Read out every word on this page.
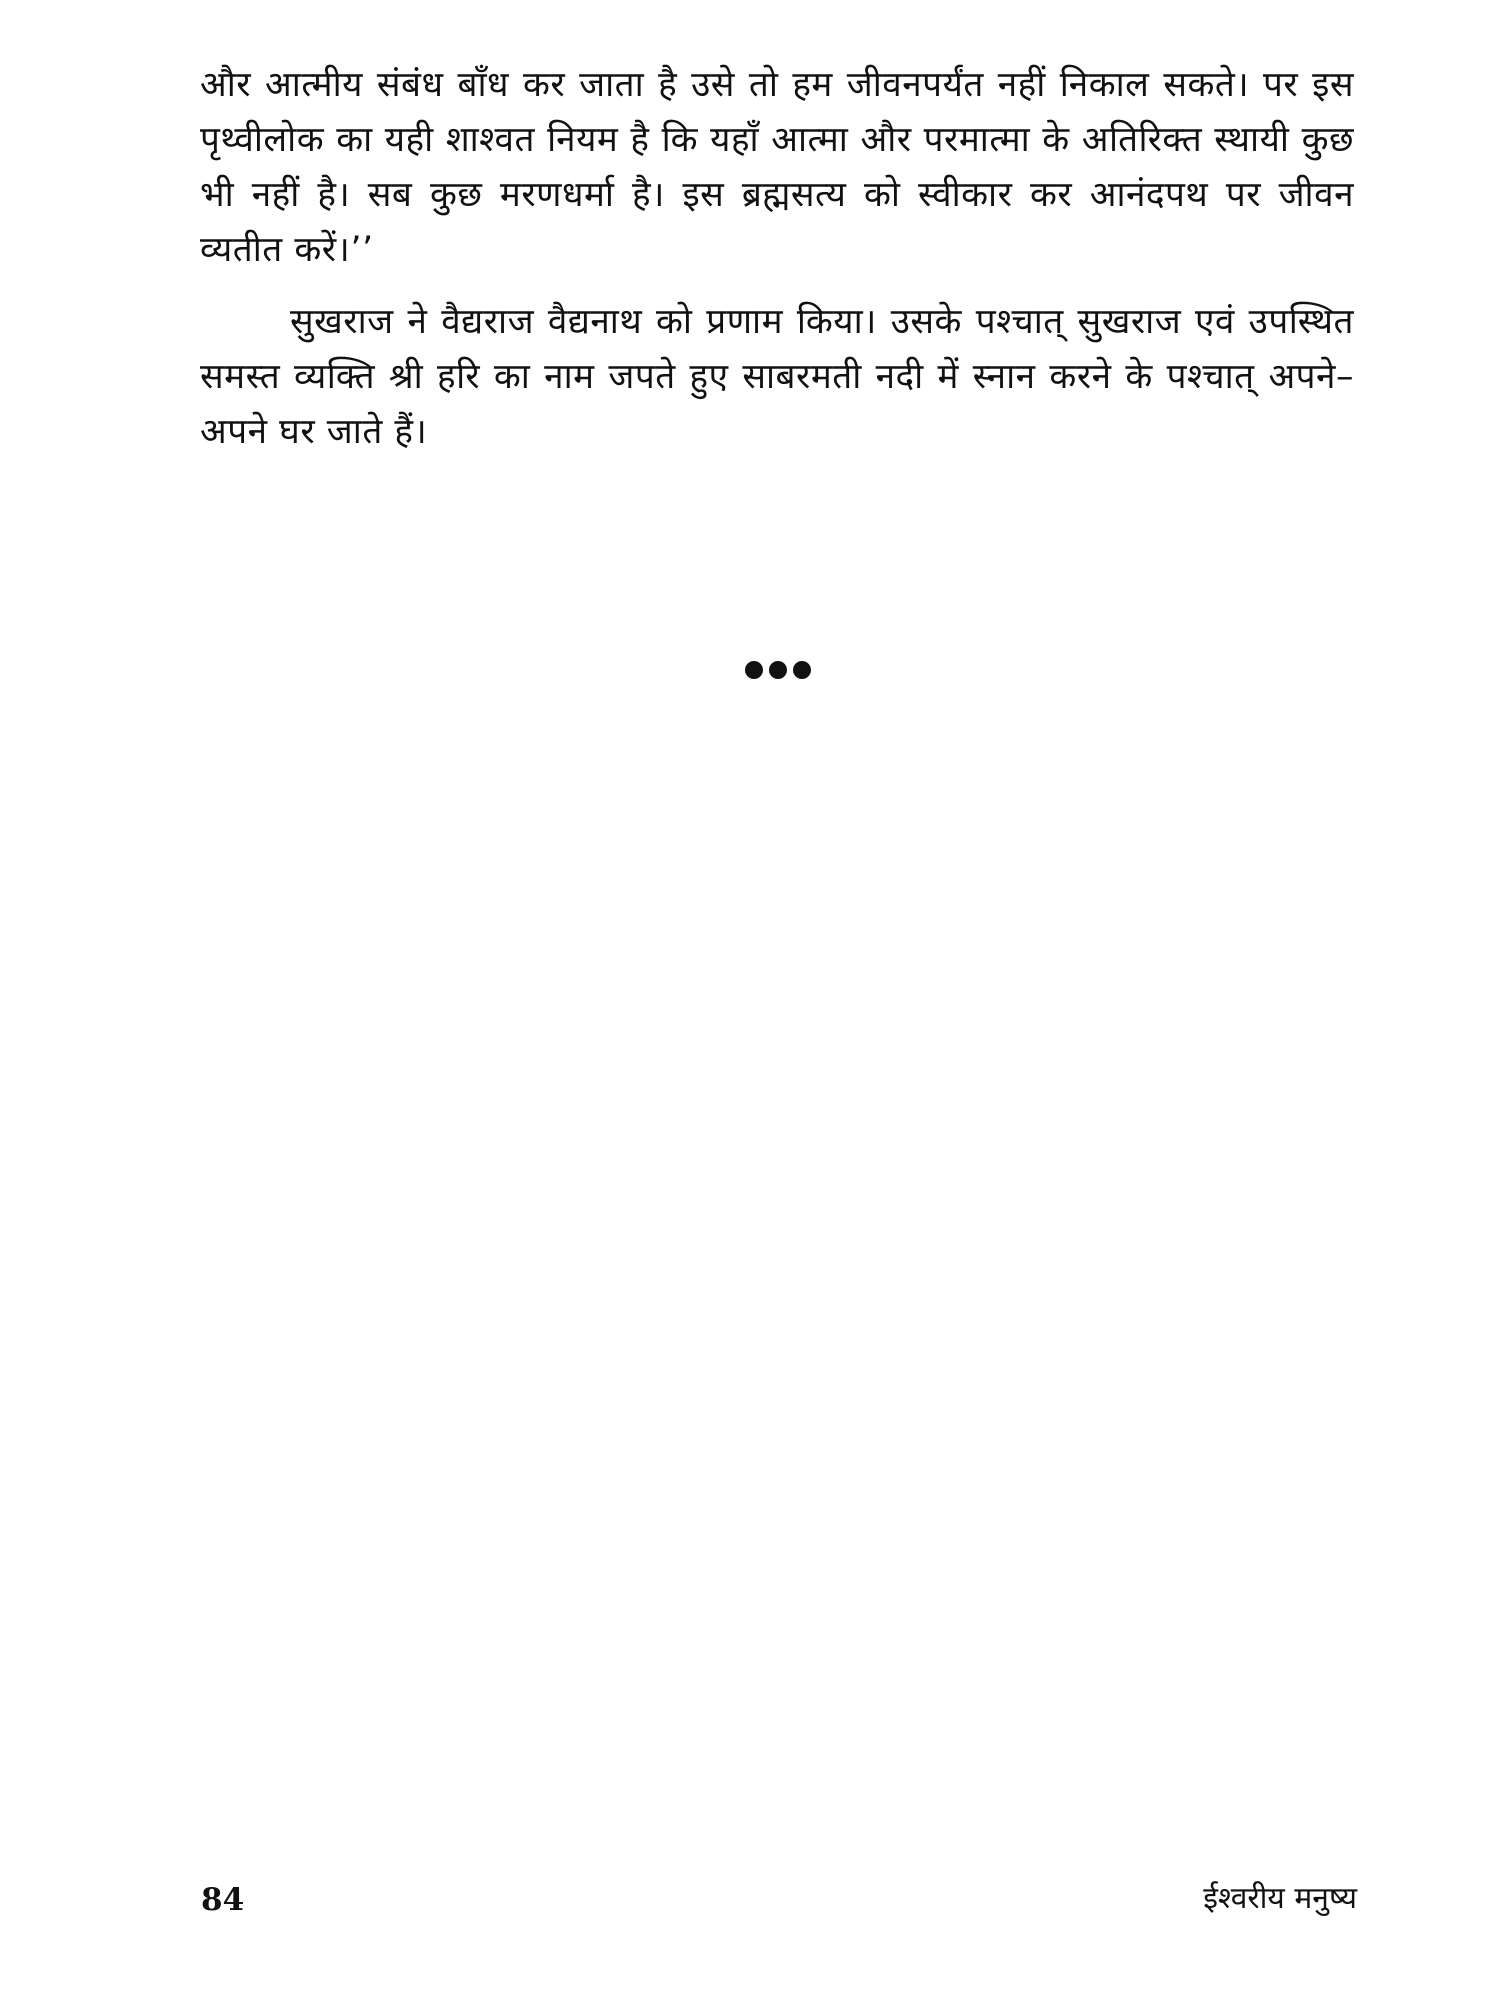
और आत्मीय संबंध बाँध कर जाता है उसे तो हम जीवनपर्यंत नहीं निकाल सकते। पर इस पृथ्वीलोक का यही शाश्वत नियम है कि यहाँ आत्मा और परमात्मा के अतिरिक्त स्थायी कुछ भी नहीं है। सब कुछ मरणधर्मा है। इस ब्रह्मसत्य को स्वीकार कर आनंदपथ पर जीवन व्यतीत करें।’’

सुखराज ने वैद्यराज वैद्यनाथ को प्रणाम किया। उसके पश्चात् सुखराज एवं उपस्थित समस्त व्यक्ति श्री हरि का नाम जपते हुए साबरमती नदी में स्नान करने के पश्चात् अपने–अपने घर जाते हैं।

84	ईश्वरीय मनुष्य
